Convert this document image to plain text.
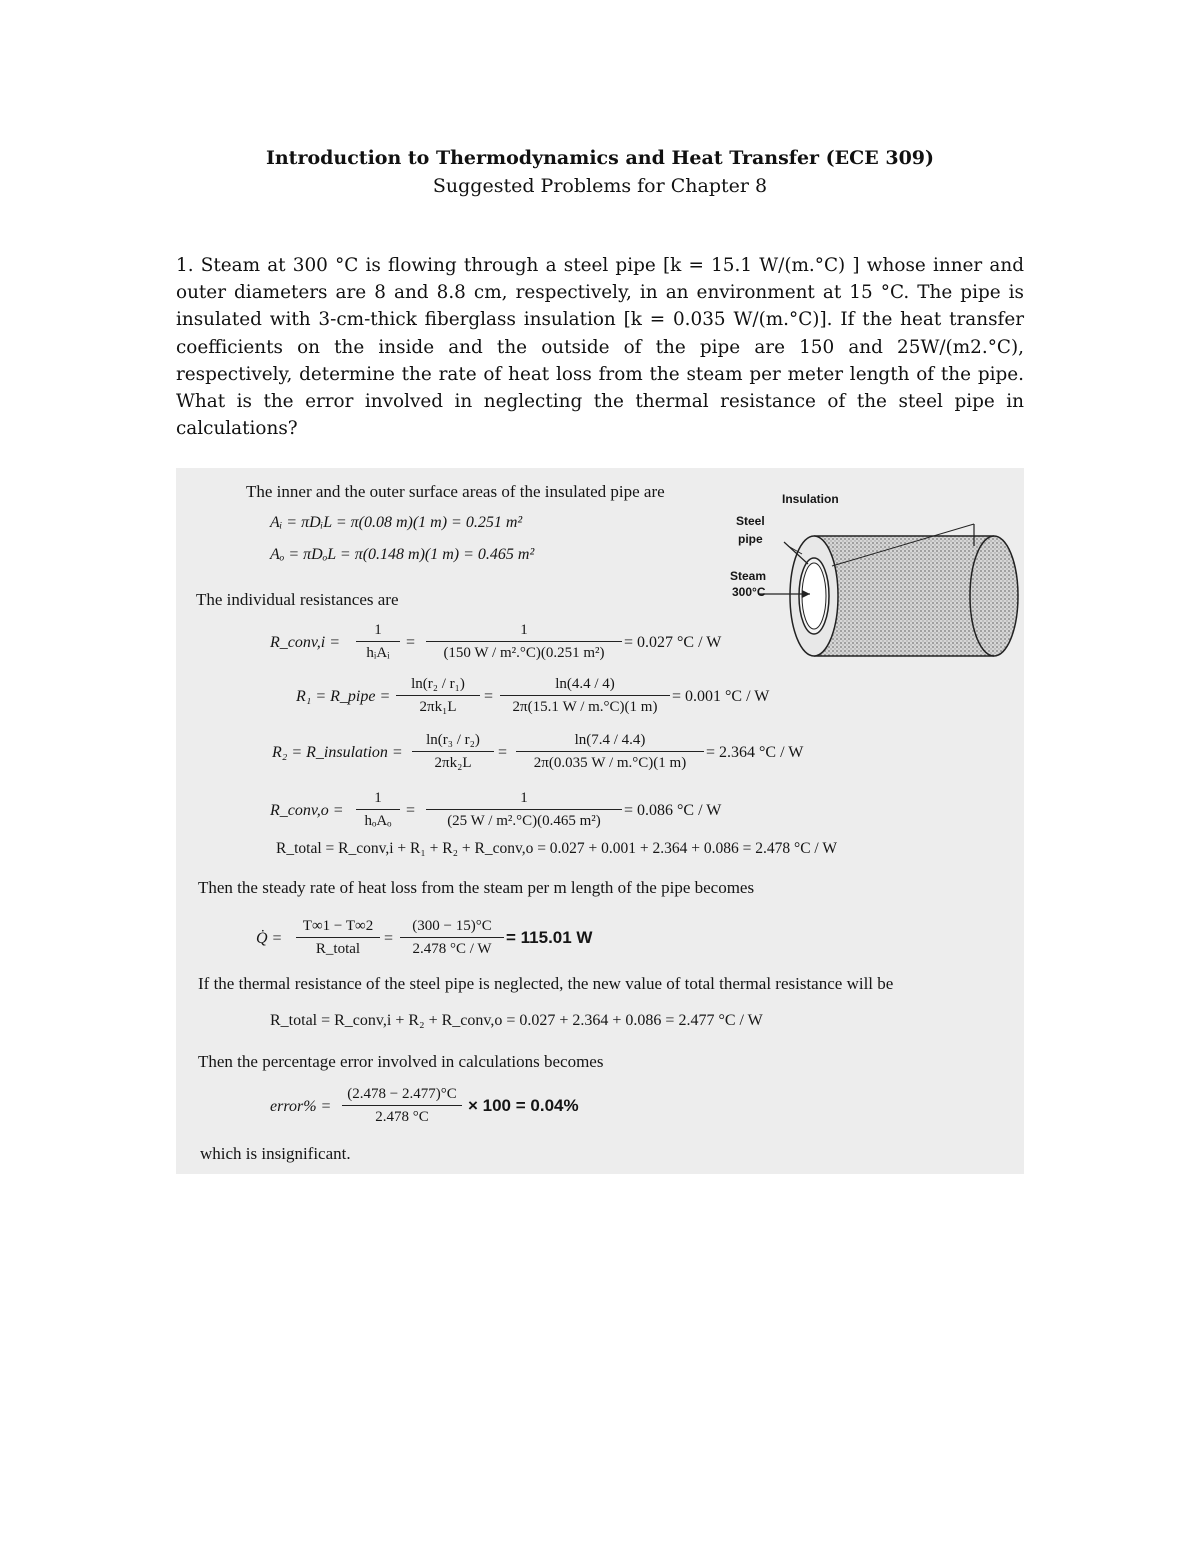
Introduction to Thermodynamics and Heat Transfer (ECE 309)
Suggested Problems for Chapter 8
1. Steam at 300 °C is flowing through a steel pipe [k = 15.1 W/(m.°C) ] whose inner and outer diameters are 8 and 8.8 cm, respectively, in an environment at 15 °C. The pipe is insulated with 3-cm-thick fiberglass insulation [k = 0.035 W/(m.°C)]. If the heat transfer coefficients on the inside and the outside of the pipe are 150 and 25W/(m2.°C), respectively, determine the rate of heat loss from the steam per meter length of the pipe. What is the error involved in neglecting the thermal resistance of the steel pipe in calculations?
Insulation
Steel
pipe
Steam
300°C
The inner and the outer surface areas of the insulated pipe are
Aᵢ = πDᵢL = π(0.08 m)(1 m) = 0.251 m²
Aₒ = πDₒL = π(0.148 m)(1 m) = 0.465 m²
The individual resistances are
R_conv,i =
1
hᵢAᵢ
=
1
(150 W / m².°C)(0.251 m²)
= 0.027 °C / W
R₁ = R_pipe =
ln(r₂ / r₁)
2πk₁L
=
ln(4.4 / 4)
2π(15.1 W / m.°C)(1 m)
= 0.001 °C / W
R₂ = R_insulation =
ln(r₃ / r₂)
2πk₂L
=
ln(7.4 / 4.4)
2π(0.035 W / m.°C)(1 m)
= 2.364 °C / W
R_conv,o =
1
hₒAₒ
=
1
(25 W / m².°C)(0.465 m²)
= 0.086 °C / W
R_total = R_conv,i + R₁ + R₂ + R_conv,o = 0.027 + 0.001 + 2.364 + 0.086 = 2.478 °C / W
Then the steady rate of heat loss from the steam per m length of the pipe becomes
Q̇ =
T∞1 − T∞2
R_total
=
(300 − 15)°C
2.478 °C / W
= 115.01 W
If the thermal resistance of the steel pipe is neglected, the new value of total thermal resistance will be
R_total = R_conv,i + R₂ + R_conv,o = 0.027 + 2.364 + 0.086 = 2.477 °C / W
Then the percentage error involved in calculations becomes
error% =
(2.478 − 2.477)°C
2.478 °C
× 100 = 0.04%
which is insignificant.
